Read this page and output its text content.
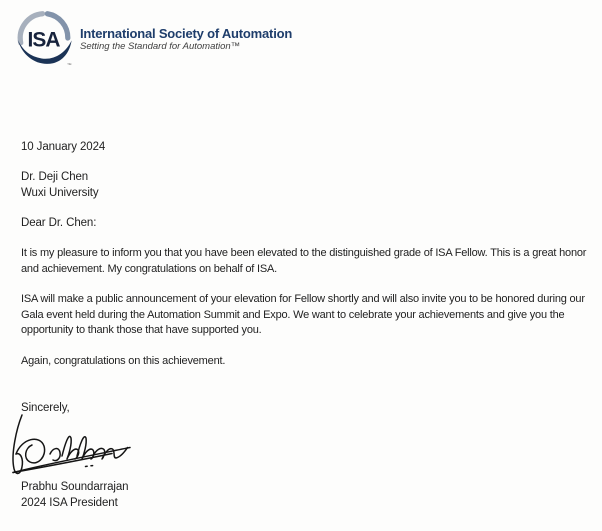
ISA
™
International Society of Automation
Setting the Standard for Automation™
10 January 2024
Dr. Deji Chen
Wuxi University
Dear Dr. Chen:
It is my pleasure to inform you that you have been elevated to the distinguished grade of ISA Fellow. This is a great honor and achievement. My congratulations on behalf of ISA.
ISA will make a public announcement of your elevation for Fellow shortly and will also invite you to be honored during our Gala event held during the Automation Summit and Expo. We want to celebrate your achievements and give you the opportunity to thank those that have supported you.
Again, congratulations on this achievement.
Sincerely,
Prabhu Soundarrajan
2024 ISA President
